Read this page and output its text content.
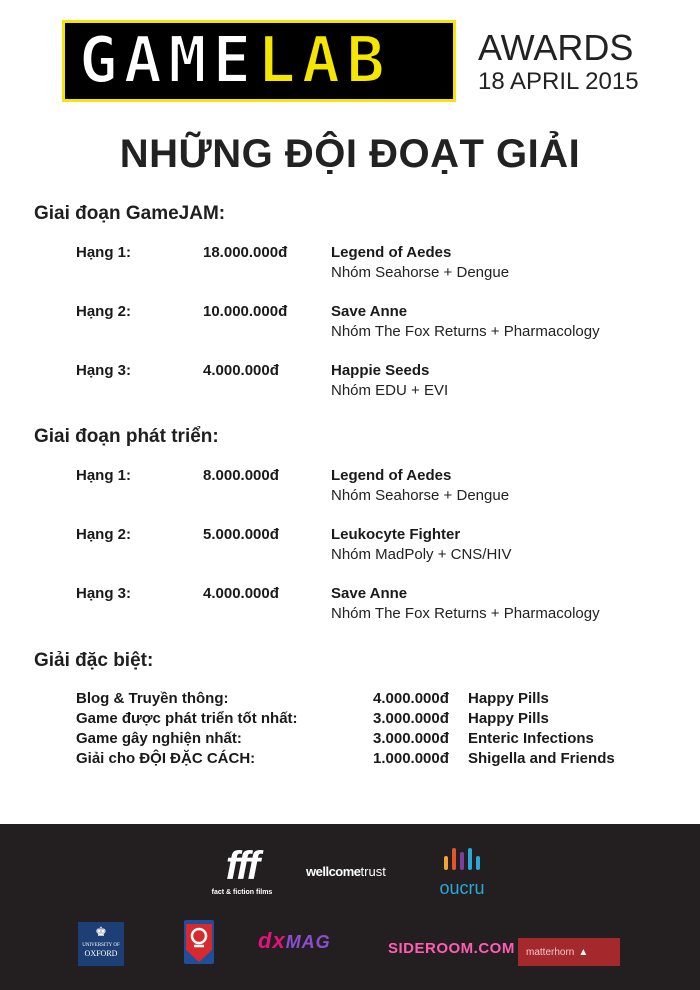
GAMELAB AWARDS
18 APRIL 2015
NHỮNG ĐỘI ĐOẠT GIẢI
Giai đoạn GameJAM:
Hạng 1:	18.000.000đ	Legend of Aedes
Nhóm Seahorse + Dengue
Hạng 2:	10.000.000đ	Save Anne
Nhóm The Fox Returns + Pharmacology
Hạng 3:	4.000.000đ	Happie Seeds
Nhóm EDU + EVI
Giai đoạn phát triển:
Hạng 1:	8.000.000đ	Legend of Aedes
Nhóm Seahorse + Dengue
Hạng 2:	5.000.000đ	Leukocyte Fighter
Nhóm MadPoly + CNS/HIV
Hạng 3:	4.000.000đ	Save Anne
Nhóm The Fox Returns + Pharmacology
Giải đặc biệt:
Blog & Truyền thông:	4.000.000đ Happy Pills
Game được phát triển tốt nhất:	3.000.000đ Happy Pills
Game gây nghiện nhất:	3.000.000đ Enteric Infections
Giải cho ĐỘI ĐẶC CÁCH:	1.000.000đ Shigella and Friends
fff
fact & fiction films
wellcometrust
oucru
♚
UNIVERSITY OF
OXFORD
dxMAG	SIDEROOM.COM matterhorn ▲
